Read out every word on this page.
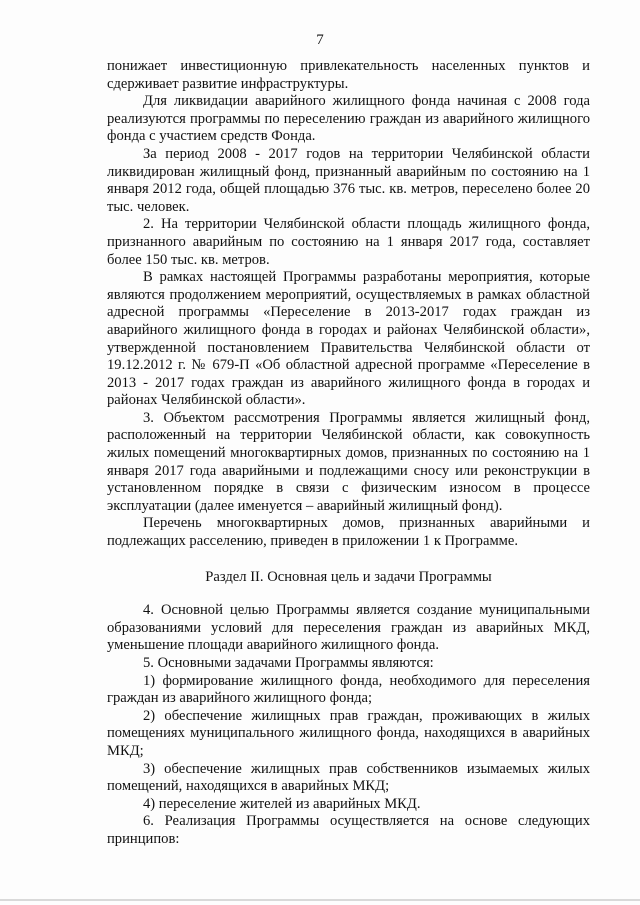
7

понижает инвестиционную привлекательность населенных пунктов и сдерживает развитие инфраструктуры.

Для ликвидации аварийного жилищного фонда начиная с 2008 года реализуются программы по переселению граждан из аварийного жилищного фонда с участием средств Фонда.

За период 2008 - 2017 годов на территории Челябинской области ликвидирован жилищный фонд, признанный аварийным по состоянию на 1 января 2012 года, общей площадью 376 тыс. кв. метров, переселено более 20 тыс. человек.

2. На территории Челябинской области площадь жилищного фонда, признанного аварийным по состоянию на 1 января 2017 года, составляет более 150 тыс. кв. метров.

В рамках настоящей Программы разработаны мероприятия, которые являются продолжением мероприятий, осуществляемых в рамках областной адресной программы «Переселение в 2013-2017 годах граждан из аварийного жилищного фонда в городах и районах Челябинской области», утвержденной постановлением Правительства Челябинской области от 19.12.2012 г. № 679-П «Об областной адресной программе «Переселение в 2013 - 2017 годах граждан из аварийного жилищного фонда в городах и районах Челябинской области».

3. Объектом рассмотрения Программы является жилищный фонд, расположенный на территории Челябинской области, как совокупность жилых помещений многоквартирных домов, признанных по состоянию на 1 января 2017 года аварийными и подлежащими сносу или реконструкции в установленном порядке в связи с физическим износом в процессе эксплуатации (далее именуется – аварийный жилищный фонд).

Перечень многоквартирных домов, признанных аварийными и подлежащих расселению, приведен в приложении 1 к Программе.

Раздел II. Основная цель и задачи Программы

4. Основной целью Программы является создание муниципальными образованиями условий для переселения граждан из аварийных МКД, уменьшение площади аварийного жилищного фонда.

5. Основными задачами Программы являются:

1) формирование жилищного фонда, необходимого для переселения граждан из аварийного жилищного фонда;

2) обеспечение жилищных прав граждан, проживающих в жилых помещениях муниципального жилищного фонда, находящихся в аварийных МКД;

3) обеспечение жилищных прав собственников изымаемых жилых помещений, находящихся в аварийных МКД;

4) переселение жителей из аварийных МКД.

6. Реализация Программы осуществляется на основе следующих принципов:
